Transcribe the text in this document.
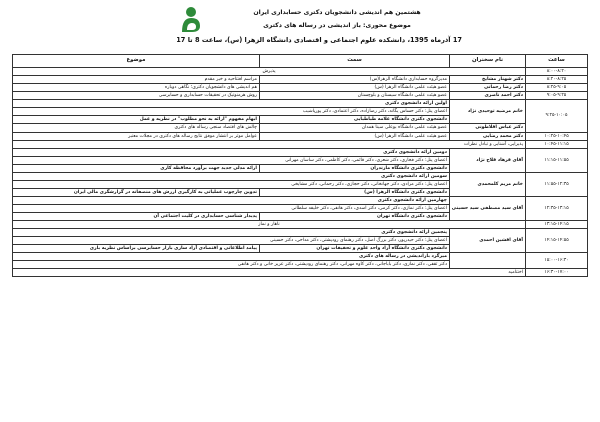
هشتمین هم اندیشی دانشجویان دکتری حسابداری ایران
موضوع محوری: باز اندیشی در رساله های دکتری
17 آذرماه 1395، دانشکده علوم اجتماعی و اقتصادی دانشگاه الزهرا (س)، ساعت 8 تا 17
ساعت	نام سخنران	سمت	موضوع
۸:۰۰-۸:۲۰	پذیرش		
۸:۲۰-۸:۲۵	دکتر شهناز مشایخ	مدیرگروه حسابداری دانشگاه الزهرا(س)	مراسم افتتاحیه و خیر مقدم
۸:۲۵-۹:۰۵	دکتر رضا رحمانی	عضو هیئت علمی دانشگاه الزهرا (س)	هم اندیشی های دانشجویان دکتری؛ نگاهی دوباره
۹:۰۵-۹:۲۵	دکتر احمد ناصری	عضو هیئت علمی دانشگاه سیستان و بلوچستان	روش هرمنوتیک در تحقیقات حسابداری و حسابرسی
۹:۲۵-۱۰:۰۵	خانم مرضیه توحیدی نژاد	اولین ارائه دانشجوی دکتری	
		اعضای پنل: دکتر حساس یگانه، دکتر رضازاده، دکتر اعتمادی، دکتر پورپاشیب	
		دانشجوی دکتری دانشگاه علامه طباطبایی	ابهام مفهوم "ارائه به نحو مطلوب" در نظریه و عمل
	دکتر عباس افلاطونی	عضو هیئت علمی دانشگاه بوعلی سینا همدان	چالش های اقتصاد سنجی رساله های دکتری
۱۰:۲۵-۱۰:۴۵	دکتر محمد رضایی	عضو هیئت علمی دانشگاه الزهرا (س)	عوامل موثر بر انتشار موفق نتایج رساله های دکتری در مجلات معتبر
۱۰:۴۵-۱۱:۱۵	پذیرایی، آشنایی و تبادل نظرات		
۱۱:۱۵-۱۱:۵۵	آقای فرهاد فلاح نژاد	دومین ارائه دانشجوی دکتری	
		اعضای پنل: دکتر فخاری، دکتر شعری، دکتر قائمی، دکتر کاظمی، دکتر ساسان مهرانی	
		دانشجوی دکتری دانشگاه مازندران	ارائه مدلی جدید جهت برآورد محافظه کاری
۱۱:۵۵-۱۲:۳۵	خانم مریم کلمحمدی	سومین ارائه دانشجوی دکتری	
		اعضای پنل: دکتر مرادی، دکتر جهانخانی، دکتر حجازی، دکتر رحمانی، دکتر مشایخی	
		دانشجوی دکتری دانشگاه الزهرا (س)	تدوین چارچوب عملیاتی به کارگیری ارزش های منصفانه در گزارشگری مالی ایران
۱۲:۳۵-۱۳:۱۵	آقای سید مصطفی سید حسینی	چهارمین ارائه دانشجوی دکتری	
		اعضای پنل: دکتر نمازی، دکتر کرمی، دکتر اسدی، دکتر هانفی، دکتر خلیفه سلطانی	
		دانشجوی دکتری دانشگاه تهران	پدیدار شناسی حسابداری در کلیت اجتماعی آن
۱۳:۱۵-۱۴:۱۵	ناهار و نماز		
۱۴:۱۵-۱۴:۵۵	آقای افشین احمدی	پنجمین ارائه دانشجوی دکتری	
		اعضای پنل: دکتر حیدرپور، دکتر بزرگ اصل، دکتر رهنمای رودپشتی، دکتر مداحی، دکتر حسینی	
		دانشجوی دکتری دانشگاه آزاد واحد علوم و تحقیقات تهران	پیامد اطلاعاتی و اقتصادی آزاد سازی بازار حسابرسی براساس نظریه بازی
۱۵:۰۰-۱۶:۳۰		میزگرد بازاندیشی در رساله های دکتری	
		دکتر ثقفی، دکتر نمازی، دکتر باباجانی، دکتر کاوه مهرانی، دکتر رهنمای رودپشتی، دکتر عزیز خانی و دکتر هانفی	
۱۶:۳۰-۱۷:۰۰	اختتامیه		
